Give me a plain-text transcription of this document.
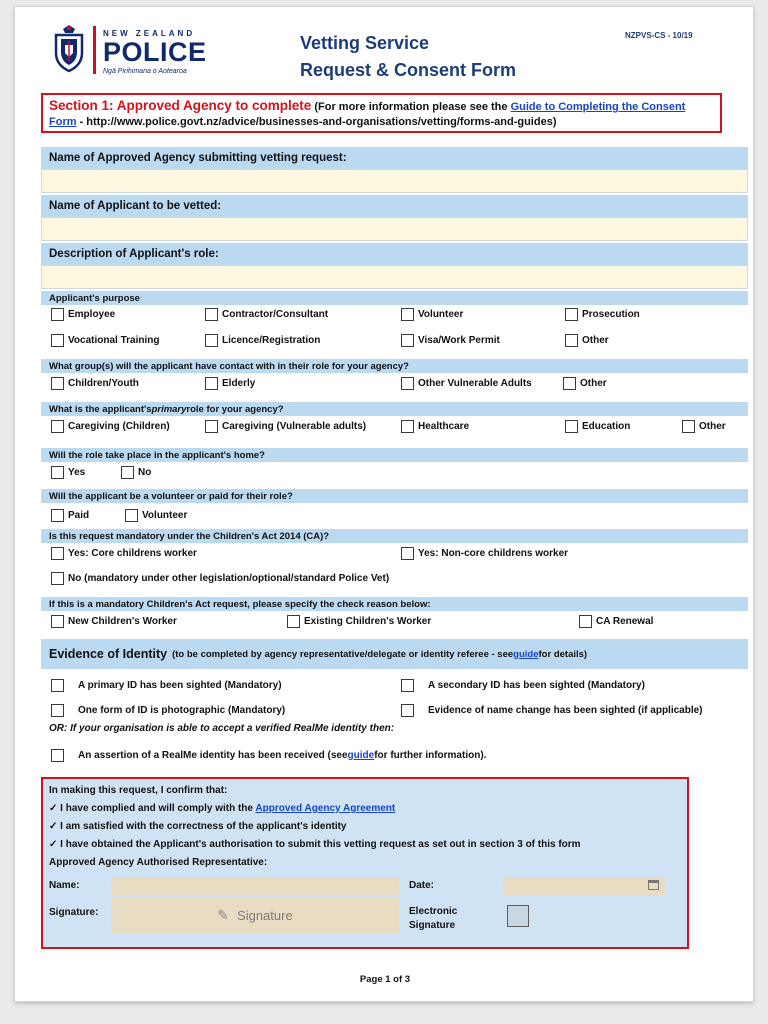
NEW ZEALAND
POLICE
Ngā Pirihimana o Aotearoa
Vetting Service
Request & Consent Form
NZPVS-CS - 10/19
Section 1: Approved Agency to complete (For more information please see the Guide to Completing the Consent Form - http://www.police.govt.nz/advice/businesses-and-organisations/vetting/forms-and-guides)
Name of Approved Agency submitting vetting request:
Name of Applicant to be vetted:
Description of Applicant's role:
Applicant's purpose
Employee	Contractor/Consultant	Volunteer	Prosecution
Vocational Training	Licence/Registration	Visa/Work Permit	Other
What group(s) will the applicant have contact with in their role for your agency?
Children/Youth	Elderly	Other Vulnerable Adults	Other
What is the applicant's primary role for your agency?
Caregiving (Children)	Caregiving (Vulnerable adults)	Healthcare	Education	Other
Will the role take place in the applicant's home?
Yes	No
Will the applicant be a volunteer or paid for their role?
Paid	Volunteer
Is this request mandatory under the Children's Act 2014 (CA)?
Yes: Core childrens worker	Yes: Non-core childrens worker
No (mandatory under other legislation/optional/standard Police Vet)
If this is a mandatory Children's Act request, please specify the check reason below:
New Children's Worker	Existing Children's Worker	CA Renewal
Evidence of Identity (to be completed by agency representative/delegate or identity referee - see guide for details)
A primary ID has been sighted (Mandatory)	A secondary ID has been sighted (Mandatory)
One form of ID is photographic (Mandatory)	Evidence of name change has been sighted (if applicable)
OR: If your organisation is able to accept a verified RealMe identity then:
An assertion of a RealMe identity has been received (see guide for further information).
In making this request, I confirm that:
✓ I have complied and will comply with the Approved Agency Agreement
✓ I am satisfied with the correctness of the applicant's identity
✓ I have obtained the Applicant's authorisation to submit this vetting request as set out in section 3 of this form
Approved Agency Authorised Representative:
Name:	Date:
Signature:	✎ Signature	Electronic
Signature
Page 1 of 3
